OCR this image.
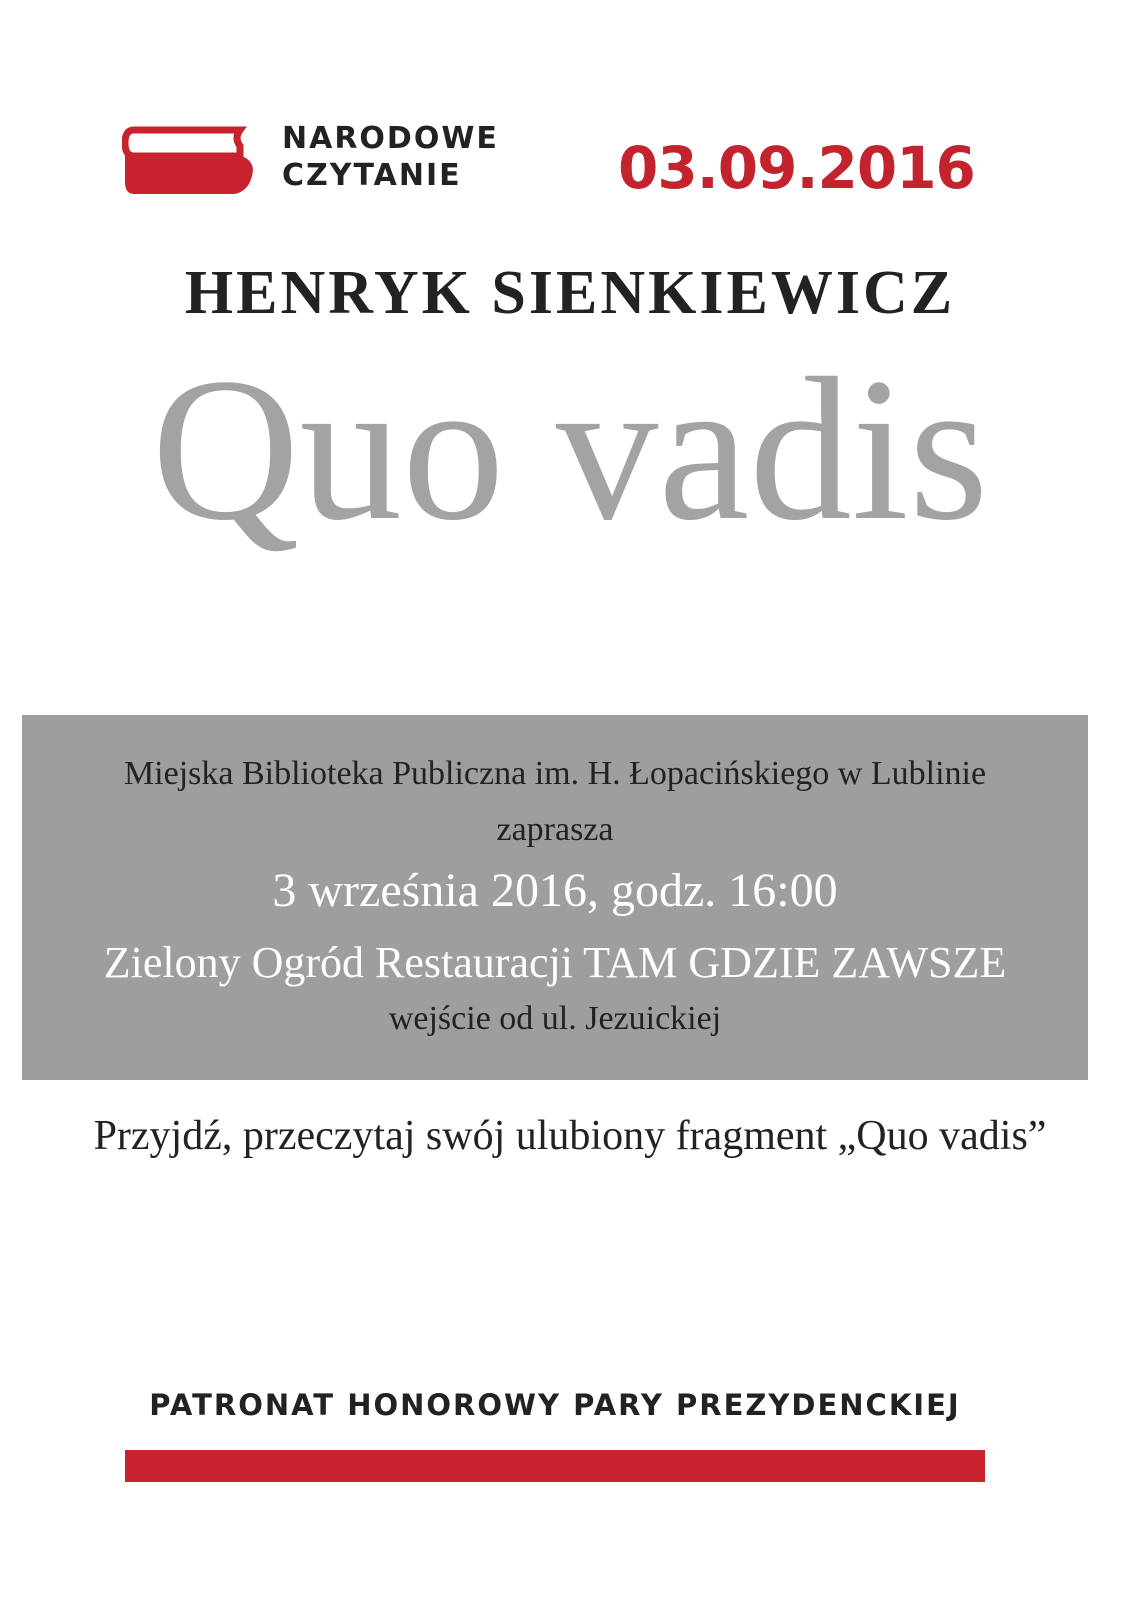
NARODOWE
CZYTANIE	03.09.2016
HENRYK SIENKIEWICZ
Quo vadis
Miejska Biblioteka Publiczna im. H. Łopacińskiego w Lublinie
zaprasza
3 września 2016, godz. 16:00
Zielony Ogród Restauracji TAM GDZIE ZAWSZE
wejście od ul. Jezuickiej
Przyjdź, przeczytaj swój ulubiony fragment „Quo vadis”
PATRONAT HONOROWY PARY PREZYDENCKIEJ
